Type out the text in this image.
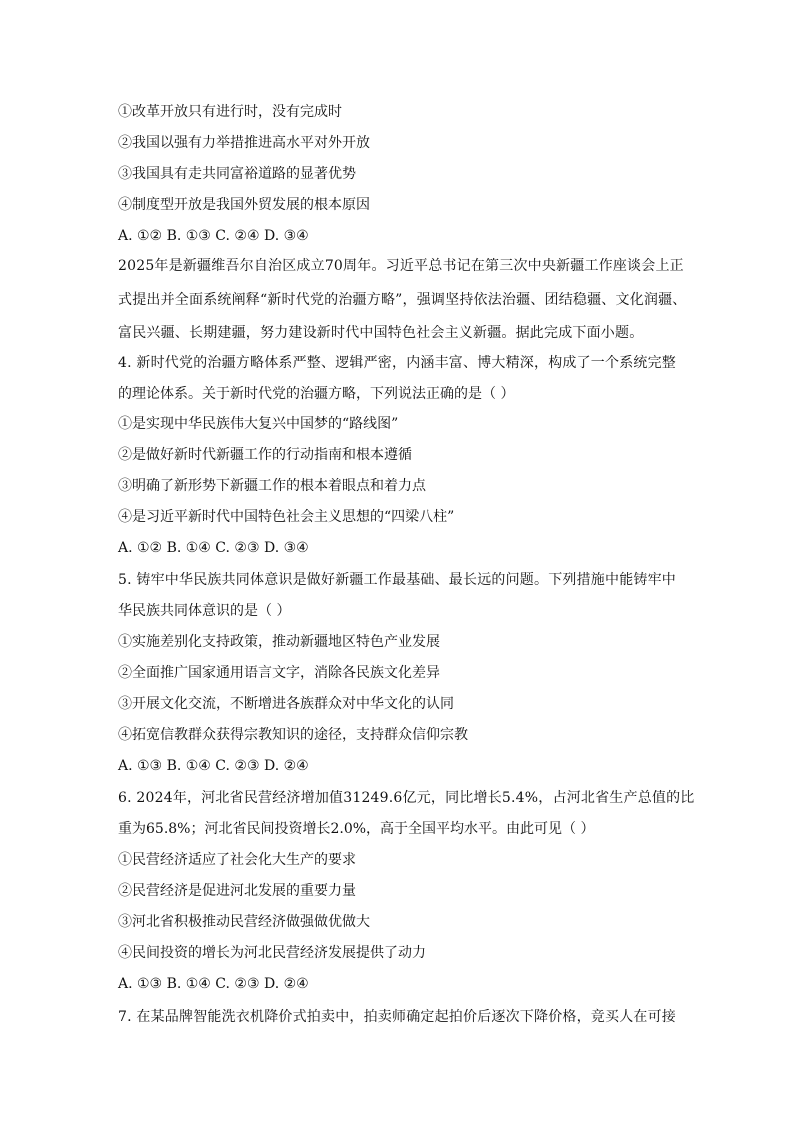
①改革开放只有进行时，没有完成时
②我国以强有力举措推进高水平对外开放
③我国具有走共同富裕道路的显著优势
④制度型开放是我国外贸发展的根本原因
A. ①② B. ①③ C. ②④ D. ③④
2025年是新疆维吾尔自治区成立70周年。习近平总书记在第三次中央新疆工作座谈会上正
式提出并全面系统阐释“新时代党的治疆方略”，强调坚持依法治疆、团结稳疆、文化润疆、
富民兴疆、长期建疆，努力建设新时代中国特色社会主义新疆。据此完成下面小题。
4. 新时代党的治疆方略体系严整、逻辑严密，内涵丰富、博大精深，构成了一个系统完整
的理论体系。关于新时代党的治疆方略，下列说法正确的是（ ）
①是实现中华民族伟大复兴中国梦的“路线图”
②是做好新时代新疆工作的行动指南和根本遵循
③明确了新形势下新疆工作的根本着眼点和着力点
④是习近平新时代中国特色社会主义思想的“四梁八柱”
A. ①② B. ①④ C. ②③ D. ③④
5. 铸牢中华民族共同体意识是做好新疆工作最基础、最长远的问题。下列措施中能铸牢中
华民族共同体意识的是（ ）
①实施差别化支持政策，推动新疆地区特色产业发展
②全面推广国家通用语言文字，消除各民族文化差异
③开展文化交流，不断增进各族群众对中华文化的认同
④拓宽信教群众获得宗教知识的途径，支持群众信仰宗教
A. ①③ B. ①④ C. ②③ D. ②④
6. 2024年，河北省民营经济增加值31249.6亿元，同比增长5.4%，占河北省生产总值的比
重为65.8%；河北省民间投资增长2.0%，高于全国平均水平。由此可见（ ）
①民营经济适应了社会化大生产的要求
②民营经济是促进河北发展的重要力量
③河北省积极推动民营经济做强做优做大
④民间投资的增长为河北民营经济发展提供了动力
A. ①③ B. ①④ C. ②③ D. ②④
7. 在某品牌智能洗衣机降价式拍卖中，拍卖师确定起拍价后逐次下降价格，竞买人在可接
